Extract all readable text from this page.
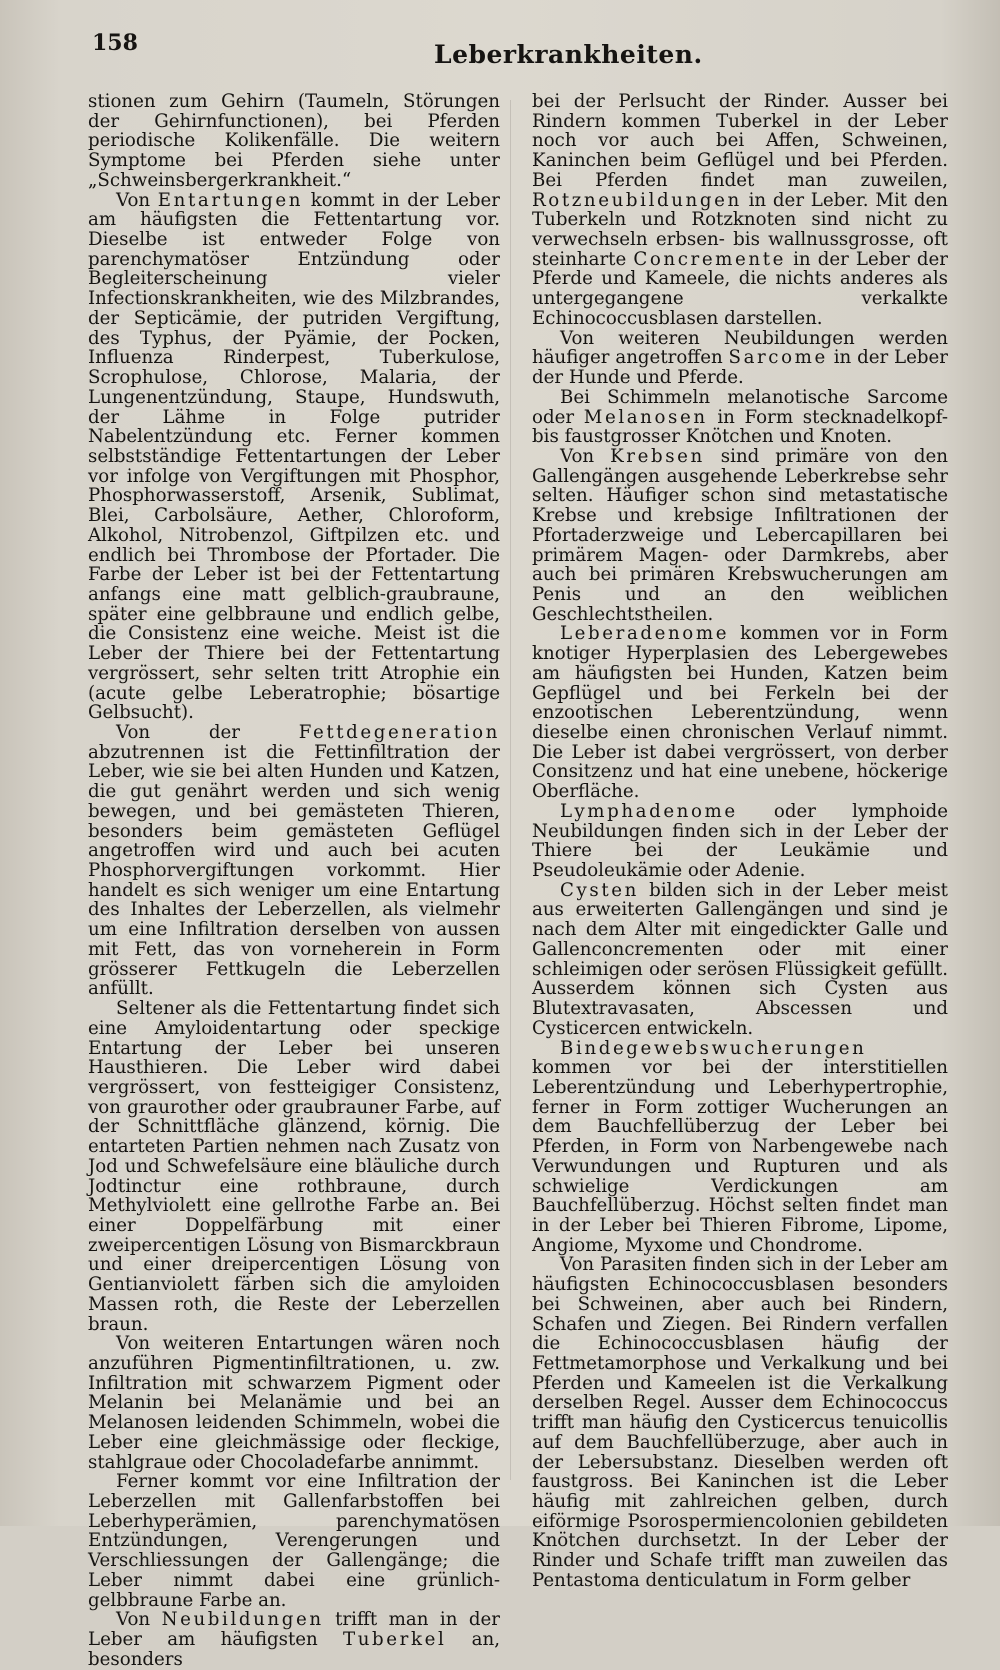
158	Leberkrankheiten.

stionen zum Gehirn (Taumeln, Störungen der Gehirnfunctionen), bei Pferden periodische Kolikenfälle. Die weitern Symptome bei Pferden siehe unter „Schweinsbergerkrankheit.“

Von Entartungen kommt in der Leber am häufigsten die Fettentartung vor. Dieselbe ist entweder Folge von parenchymatöser Entzündung oder Begleiterscheinung vieler Infectionskrankheiten, wie des Milzbrandes, der Septicämie, der putriden Vergiftung, des Typhus, der Pyämie, der Pocken, Influenza Rinderpest, Tuberkulose, Scrophulose, Chlorose, Malaria, der Lungenentzündung, Staupe, Hundswuth, der Lähme in Folge putrider Nabelentzündung etc. Ferner kommen selbstständige Fettentartungen der Leber vor infolge von Vergiftungen mit Phosphor, Phosphorwasserstoff, Arsenik, Sublimat, Blei, Carbolsäure, Aether, Chloroform, Alkohol, Nitrobenzol, Giftpilzen etc. und endlich bei Thrombose der Pfortader. Die Farbe der Leber ist bei der Fettentartung anfangs eine matt gelblich-graubraune, später eine gelbbraune und endlich gelbe, die Consistenz eine weiche. Meist ist die Leber der Thiere bei der Fettentartung vergrössert, sehr selten tritt Atrophie ein (acute gelbe Leberatrophie; bösartige Gelbsucht).

Von der Fettdegeneration abzutrennen ist die Fettinfiltration der Leber, wie sie bei alten Hunden und Katzen, die gut genährt werden und sich wenig bewegen, und bei gemästeten Thieren, besonders beim gemästeten Geflügel angetroffen wird und auch bei acuten Phosphorvergiftungen vorkommt. Hier handelt es sich weniger um eine Entartung des Inhaltes der Leberzellen, als vielmehr um eine Infiltration derselben von aussen mit Fett, das von vorneherein in Form grösserer Fettkugeln die Leberzellen anfüllt.

Seltener als die Fettentartung findet sich eine Amyloidentartung oder speckige Entartung der Leber bei unseren Hausthieren. Die Leber wird dabei vergrössert, von festteigiger Consistenz, von graurother oder graubrauner Farbe, auf der Schnittfläche glänzend, körnig. Die entarteten Partien nehmen nach Zusatz von Jod und Schwefelsäure eine bläuliche durch Jodtinctur eine rothbraune, durch Methylviolett eine gellrothe Farbe an. Bei einer Doppelfärbung mit einer zweipercentigen Lösung von Bismarckbraun und einer dreipercentigen Lösung von Gentianviolett färben sich die amyloiden Massen roth, die Reste der Leberzellen braun.

Von weiteren Entartungen wären noch anzuführen Pigmentinfiltrationen, u. zw. Infiltration mit schwarzem Pigment oder Melanin bei Melanämie und bei an Melanosen leidenden Schimmeln, wobei die Leber eine gleichmässige oder fleckige, stahlgraue oder Chocoladefarbe annimmt.

Ferner kommt vor eine Infiltration der Leberzellen mit Gallenfarbstoffen bei Leberhyperämien, parenchymatösen Entzündungen, Verengerungen und Verschliessungen der Gallengänge; die Leber nimmt dabei eine grünlich-gelbbraune Farbe an.

Von Neubildungen trifft man in der Leber am häufigsten Tuberkel an, besonders

bei der Perlsucht der Rinder. Ausser bei Rindern kommen Tuberkel in der Leber noch vor auch bei Affen, Schweinen, Kaninchen beim Geflügel und bei Pferden. Bei Pferden findet man zuweilen, Rotzneubildungen in der Leber. Mit den Tuberkeln und Rotzknoten sind nicht zu verwechseln erbsen- bis wallnussgrosse, oft steinharte Concremente in der Leber der Pferde und Kameele, die nichts anderes als untergegangene verkalkte Echinococcusblasen darstellen.

Von weiteren Neubildungen werden häufiger angetroffen Sarcome in der Leber der Hunde und Pferde.

Bei Schimmeln melanotische Sarcome oder Melanosen in Form stecknadelkopf- bis faustgrosser Knötchen und Knoten.

Von Krebsen sind primäre von den Gallengängen ausgehende Leberkrebse sehr selten. Häufiger schon sind metastatische Krebse und krebsige Infiltrationen der Pfortaderzweige und Lebercapillaren bei primärem Magen- oder Darmkrebs, aber auch bei primären Krebswucherungen am Penis und an den weiblichen Geschlechtstheilen.

Leberadenome kommen vor in Form knotiger Hyperplasien des Lebergewebes am häufigsten bei Hunden, Katzen beim Gepflügel und bei Ferkeln bei der enzootischen Leberentzündung, wenn dieselbe einen chronischen Verlauf nimmt. Die Leber ist dabei vergrössert, von derber Consitzenz und hat eine unebene, höckerige Oberfläche.

Lymphadenome oder lymphoide Neubildungen finden sich in der Leber der Thiere bei der Leukämie und Pseudoleukämie oder Adenie.

Cysten bilden sich in der Leber meist aus erweiterten Gallengängen und sind je nach dem Alter mit eingedickter Galle und Gallenconcrementen oder mit einer schleimigen oder serösen Flüssigkeit gefüllt. Ausserdem können sich Cysten aus Blutextravasaten, Abscessen und Cysticercen entwickeln.

Bindegewebswucherungen kommen vor bei der interstitiellen Leberentzündung und Leberhypertrophie, ferner in Form zottiger Wucherungen an dem Bauchfellüberzug der Leber bei Pferden, in Form von Narbengewebe nach Verwundungen und Rupturen und als schwielige Verdickungen am Bauchfellüberzug. Höchst selten findet man in der Leber bei Thieren Fibrome, Lipome, Angiome, Myxome und Chondrome.

Von Parasiten finden sich in der Leber am häufigsten Echinococcusblasen besonders bei Schweinen, aber auch bei Rindern, Schafen und Ziegen. Bei Rindern verfallen die Echinococcusblasen häufig der Fettmetamorphose und Verkalkung und bei Pferden und Kameelen ist die Verkalkung derselben Regel. Ausser dem Echinococcus trifft man häufig den Cysticercus tenuicollis auf dem Bauchfellüberzuge, aber auch in der Lebersubstanz. Dieselben werden oft faustgross. Bei Kaninchen ist die Leber häufig mit zahlreichen gelben, durch eiförmige Psorospermiencolonien gebildeten Knötchen durchsetzt. In der Leber der Rinder und Schafe trifft man zuweilen das Pentastoma denticulatum in Form gelber
